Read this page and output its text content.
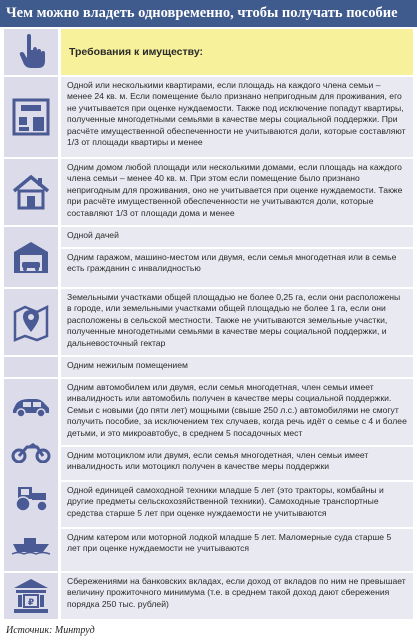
Чем можно владеть одновременно, чтобы получать пособие
Требования к имуществу:
Одной или несколькими квартирами, если площадь на каждого члена семьи – менее 24 кв. м. Если помещение было признано непригодным для проживания, его не учитывается при оценке нуждаемости. Также под исключение попадут квартиры, полученные многодетными семьями в качестве меры социальной поддержки. При расчёте имущественной обеспеченности не учитываются доли, которые составляют 1/3 от площади квартиры и менее
Одним домом любой площади или несколькими домами, если площадь на каждого члена семьи – менее 40 кв. м. При этом если помещение было признано непригодным для проживания, оно не учитывается при оценке нуждаемости. Также при расчёте имущественной обеспеченности не учитываются доли, которые составляют 1/3 от площади дома и менее
Одной дачей
Одним гаражом, машино-местом или двумя, если семья многодетная или в семье есть гражданин с инвалидностью
Земельными участками общей площадью не более 0,25 га, если они расположены в городе, или земельными участками общей площадью не более 1 га, если они расположены в сельской местности. Также не учитываются земельные участки, полученные многодетными семьями в качестве меры социальной поддержки, и дальневосточный гектар
Одним нежилым помещением
Одним автомобилем или двумя, если семья многодетная, член семьи имеет инвалидность или автомобиль получен в качестве меры социальной поддержки. Семьи с новыми (до пяти лет) мощными (свыше 250 л.с.) автомобилями не смогут получить пособие, за исключением тех случаев, когда речь идёт о семье с 4 и более детьми, и это микроавтобус, в среднем 5 посадочных мест
Одним мотоциклом или двумя, если семья многодетная, член семьи имеет инвалидность или мотоцикл получен в качестве меры поддержки
Одной единицей самоходной техники младше 5 лет (это тракторы, комбайны и другие предметы сельскохозяйственной техники). Самоходные транспортные средства старше 5 лет при оценке нуждаемости не учитываются
Одним катером или моторной лодкой младше 5 лет. Маломерные суда старше 5 лет при оценке нуждаемости не учитываются
₽
Сбережениями на банковских вкладах, если доход от вкладов по ним не превышает величину прожиточного минимума (т.е. в среднем такой доход дают сбережения порядка 250 тыс. рублей)
Источник: Минтруд
